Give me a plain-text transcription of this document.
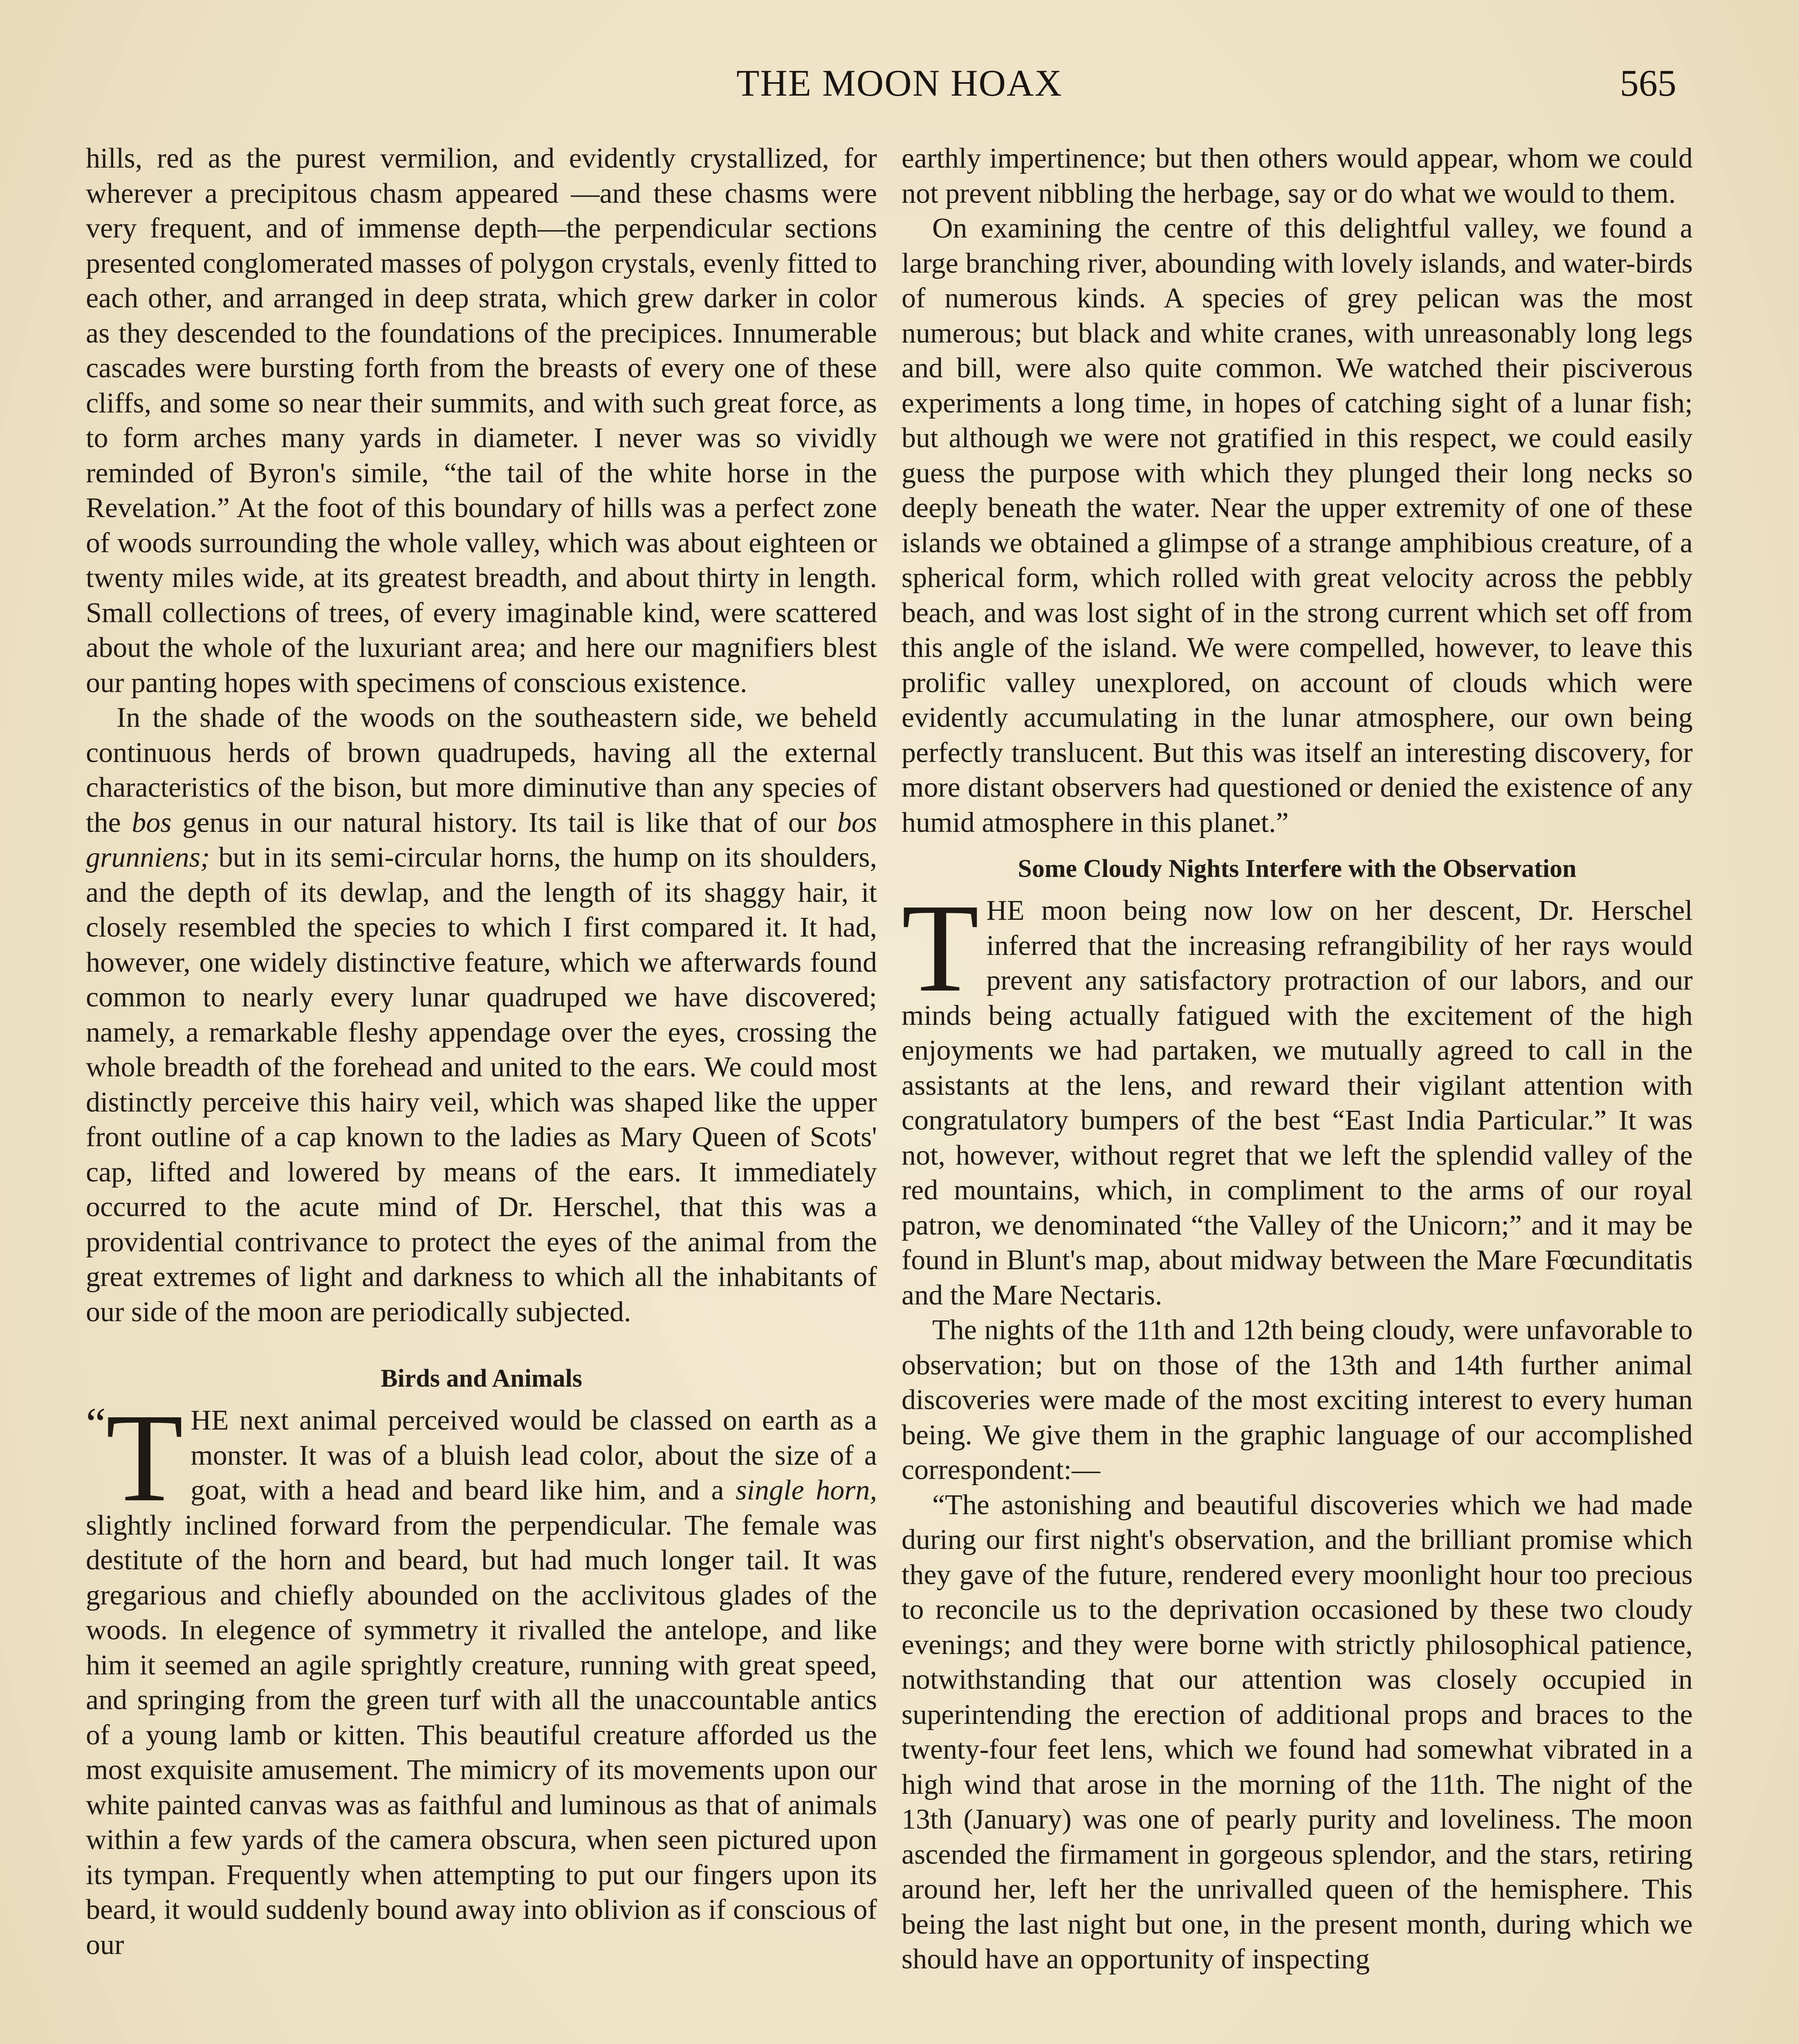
THE MOON HOAX	565

hills, red as the purest vermilion, and evidently crystallized, for wherever a precipitous chasm appeared —and these chasms were very frequent, and of immense depth—the perpendicular sections presented conglomerated masses of polygon crystals, evenly fitted to each other, and arranged in deep strata, which grew darker in color as they descended to the foundations of the precipices. Innumerable cascades were bursting forth from the breasts of every one of these cliffs, and some so near their summits, and with such great force, as to form arches many yards in diameter. I never was so vividly reminded of Byron's simile, “the tail of the white horse in the Revelation.” At the foot of this boundary of hills was a perfect zone of woods surrounding the whole valley, which was about eighteen or twenty miles wide, at its greatest breadth, and about thirty in length. Small collections of trees, of every imaginable kind, were scattered about the whole of the luxuriant area; and here our magnifiers blest our panting hopes with specimens of conscious existence.

In the shade of the woods on the southeastern side, we beheld continuous herds of brown quadrupeds, having all the external characteristics of the bison, but more diminutive than any species of the bos genus in our natural history. Its tail is like that of our bos grunniens; but in its semi-circular horns, the hump on its shoulders, and the depth of its dewlap, and the length of its shaggy hair, it closely resembled the species to which I first compared it. It had, however, one widely distinctive feature, which we afterwards found common to nearly every lunar quadruped we have discovered; namely, a remarkable fleshy appendage over the eyes, crossing the whole breadth of the forehead and united to the ears. We could most distinctly perceive this hairy veil, which was shaped like the upper front outline of a cap known to the ladies as Mary Queen of Scots' cap, lifted and lowered by means of the ears. It immediately occurred to the acute mind of Dr. Herschel, that this was a providential contrivance to protect the eyes of the animal from the great extremes of light and darkness to which all the inhabitants of our side of the moon are periodically subjected.

Birds and Animals

“ T HE next animal perceived would be classed on earth as a monster. It was of a bluish lead color, about the size of a goat, with a head and beard like him, and a single horn, slightly inclined forward from the perpendicular. The female was destitute of the horn and beard, but had much longer tail. It was gregarious and chiefly abounded on the acclivitous glades of the woods. In elegence of symmetry it rivalled the antelope, and like him it seemed an agile sprightly creature, running with great speed, and springing from the green turf with all the unaccountable antics of a young lamb or kitten. This beautiful creature afforded us the most exquisite amusement. The mimicry of its movements upon our white painted canvas was as faithful and luminous as that of animals within a few yards of the camera obscura, when seen pictured upon its tympan. Frequently when attempting to put our fingers upon its beard, it would suddenly bound away into oblivion as if conscious of our

earthly impertinence; but then others would appear, whom we could not prevent nibbling the herbage, say or do what we would to them.

On examining the centre of this delightful valley, we found a large branching river, abounding with lovely islands, and water-birds of numerous kinds. A species of grey pelican was the most numerous; but black and white cranes, with unreasonably long legs and bill, were also quite common. We watched their pisciverous experiments a long time, in hopes of catching sight of a lunar fish; but although we were not gratified in this respect, we could easily guess the purpose with which they plunged their long necks so deeply beneath the water. Near the upper extremity of one of these islands we obtained a glimpse of a strange amphibious creature, of a spherical form, which rolled with great velocity across the pebbly beach, and was lost sight of in the strong current which set off from this angle of the island. We were compelled, however, to leave this prolific valley unexplored, on account of clouds which were evidently accumulating in the lunar atmosphere, our own being perfectly translucent. But this was itself an interesting discovery, for more distant observers had questioned or denied the existence of any humid atmosphere in this planet.”

Some Cloudy Nights Interfere with the Observation

THE moon being now low on her descent, Dr. Herschel inferred that the increasing refrangibility of her rays would prevent any satisfactory protraction of our labors, and our minds being actually fatigued with the excitement of the high enjoyments we had partaken, we mutually agreed to call in the assistants at the lens, and reward their vigilant attention with congratulatory bumpers of the best “East India Particular.” It was not, however, without regret that we left the splendid valley of the red mountains, which, in compliment to the arms of our royal patron, we denominated “the Valley of the Unicorn;” and it may be found in Blunt's map, about midway between the Mare Fœcunditatis and the Mare Nectaris.

The nights of the 11th and 12th being cloudy, were unfavorable to observation; but on those of the 13th and 14th further animal discoveries were made of the most exciting interest to every human being. We give them in the graphic language of our accomplished correspondent:—

“The astonishing and beautiful discoveries which we had made during our first night's observation, and the brilliant promise which they gave of the future, rendered every moonlight hour too precious to reconcile us to the deprivation occasioned by these two cloudy evenings; and they were borne with strictly philosophical patience, notwithstanding that our attention was closely occupied in superintending the erection of additional props and braces to the twenty-four feet lens, which we found had somewhat vibrated in a high wind that arose in the morning of the 11th. The night of the 13th (January) was one of pearly purity and loveliness. The moon ascended the firmament in gorgeous splendor, and the stars, retiring around her, left her the unrivalled queen of the hemisphere. This being the last night but one, in the present month, during which we should have an opportunity of inspecting
